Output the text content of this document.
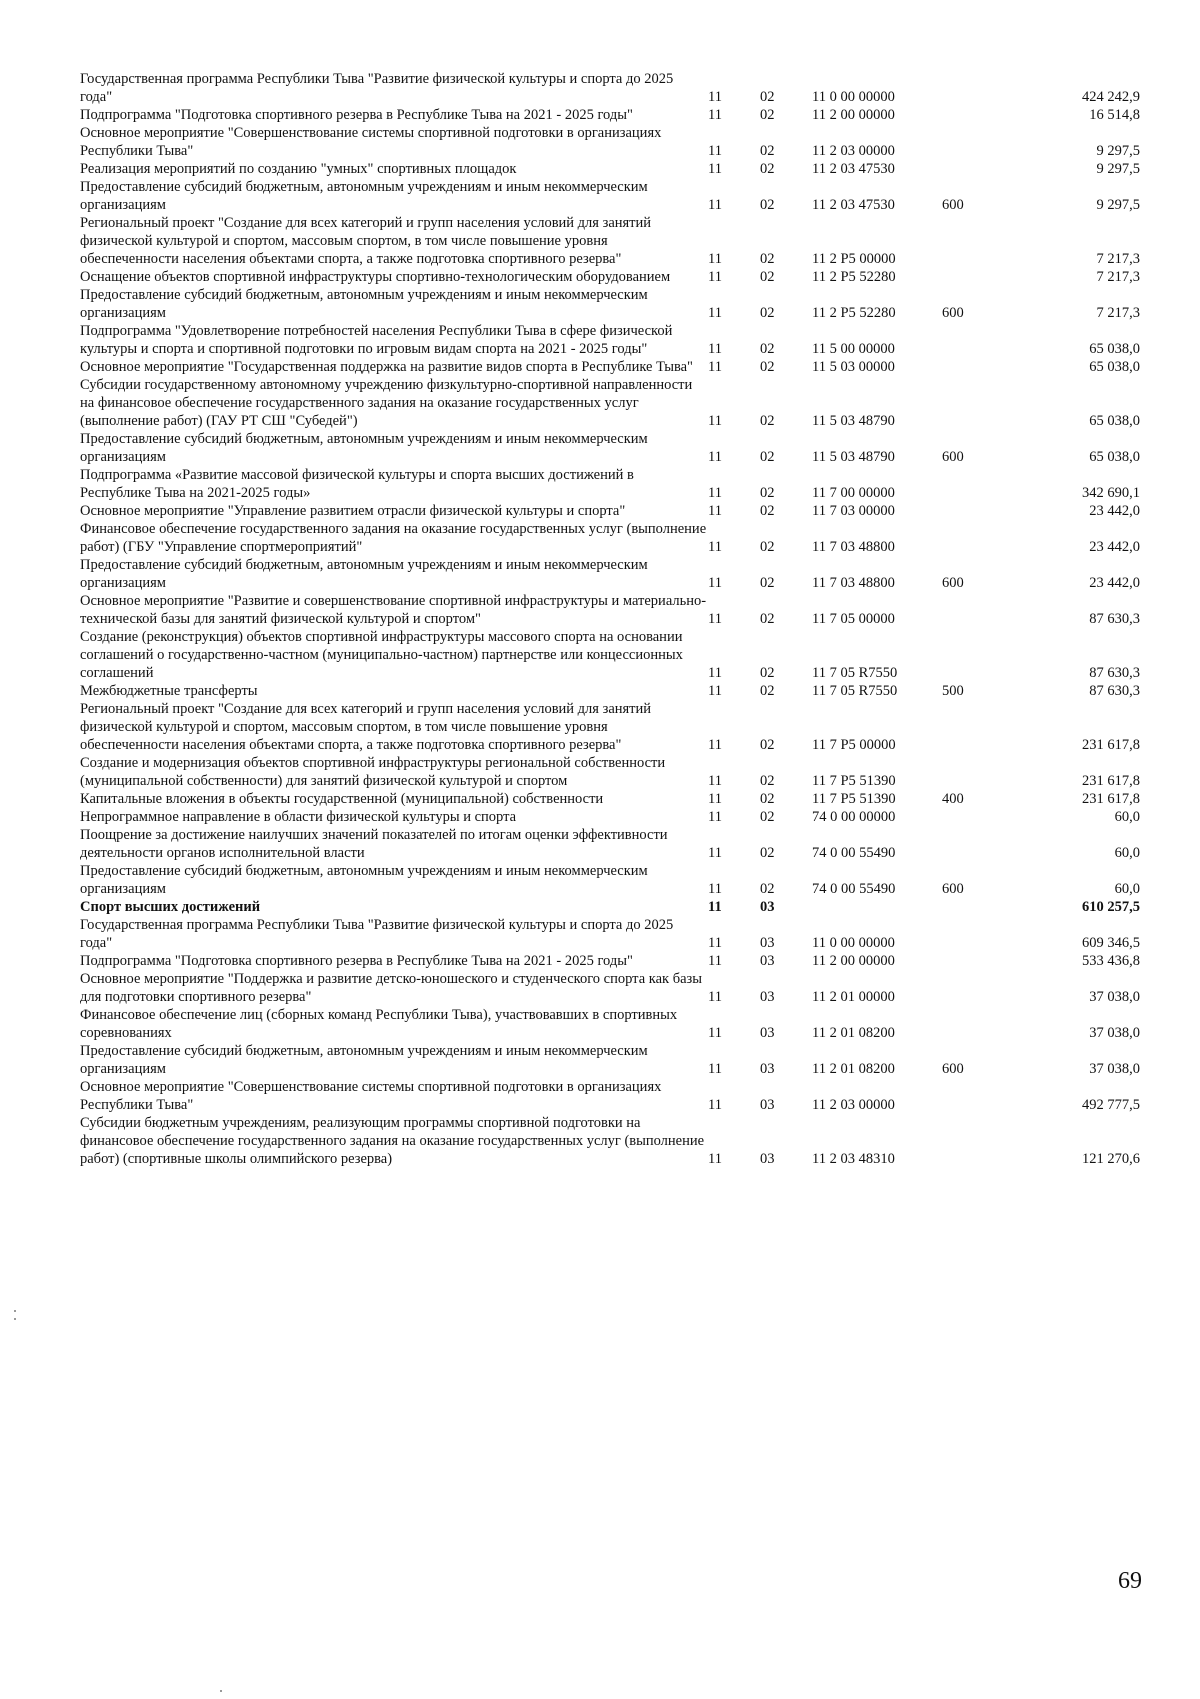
Государственная программа Республики Тыва "Развитие физической культуры и спорта до 2025 года"	11	02	11 0 00 00000		424 242,9
Подпрограмма "Подготовка спортивного резерва в Республике Тыва на 2021 - 2025 годы"	11	02	11 2 00 00000		16 514,8
Основное мероприятие "Совершенствование системы спортивной подготовки в организациях Республики Тыва"	11	02	11 2 03 00000		9 297,5
Реализация мероприятий по созданию "умных" спортивных площадок	11	02	11 2 03 47530		9 297,5
Предоставление субсидий бюджетным, автономным учреждениям и иным некоммерческим организациям	11	02	11 2 03 47530	600	9 297,5
Региональный проект "Создание для всех категорий и групп населения условий для занятий физической культурой и спортом, массовым спортом, в том числе повышение уровня обеспеченности населения объектами спорта, а также подготовка спортивного резерва"	11	02	11 2 P5 00000		7 217,3
Оснащение объектов спортивной инфраструктуры спортивно-технологическим оборудованием	11	02	11 2 P5 52280		7 217,3
Предоставление субсидий бюджетным, автономным учреждениям и иным некоммерческим организациям	11	02	11 2 P5 52280	600	7 217,3
Подпрограмма "Удовлетворение потребностей населения Республики Тыва в сфере физической культуры и спорта и спортивной подготовки по игровым видам спорта на 2021 - 2025 годы"	11	02	11 5 00 00000		65 038,0
Основное мероприятие "Государственная поддержка на развитие видов спорта в Республике Тыва"	11	02	11 5 03 00000		65 038,0
Субсидии государственному автономному учреждению физкультурно-спортивной направленности на финансовое обеспечение государственного задания на оказание государственных услуг (выполнение работ) (ГАУ РТ СШ "Субедей")	11	02	11 5 03 48790		65 038,0
Предоставление субсидий бюджетным, автономным учреждениям и иным некоммерческим организациям	11	02	11 5 03 48790	600	65 038,0
Подпрограмма «Развитие массовой физической культуры и спорта высших достижений в Республике Тыва на 2021-2025 годы»	11	02	11 7 00 00000		342 690,1
Основное мероприятие "Управление развитием отрасли физической культуры и спорта"	11	02	11 7 03 00000		23 442,0
Финансовое обеспечение государственного задания на оказание государственных услуг (выполнение работ) (ГБУ "Управление спортмероприятий"	11	02	11 7 03 48800		23 442,0
Предоставление субсидий бюджетным, автономным учреждениям и иным некоммерческим организациям	11	02	11 7 03 48800	600	23 442,0
Основное мероприятие "Развитие и совершенствование спортивной инфраструктуры и материально-технической базы для занятий физической культурой и спортом"	11	02	11 7 05 00000		87 630,3
Создание (реконструкция) объектов спортивной инфраструктуры массового спорта на основании соглашений о государственно-частном (муниципально-частном) партнерстве или концессионных соглашений	11	02	11 7 05 R7550		87 630,3
Межбюджетные трансферты	11	02	11 7 05 R7550	500	87 630,3
Региональный проект "Создание для всех категорий и групп населения условий для занятий физической культурой и спортом, массовым спортом, в том числе повышение уровня обеспеченности населения объектами спорта, а также подготовка спортивного резерва"	11	02	11 7 P5 00000		231 617,8
Создание и модернизация объектов спортивной инфраструктуры региональной собственности (муниципальной собственности) для занятий физической культурой и спортом	11	02	11 7 P5 51390		231 617,8
Капитальные вложения в объекты государственной (муниципальной) собственности	11	02	11 7 P5 51390	400	231 617,8
Непрограммное направление в области физической культуры и спорта	11	02	74 0 00 00000		60,0
Поощрение за достижение наилучших значений показателей по итогам оценки эффективности деятельности органов исполнительной власти	11	02	74 0 00 55490		60,0
Предоставление субсидий бюджетным, автономным учреждениям и иным некоммерческим организациям	11	02	74 0 00 55490	600	60,0
Спорт высших достижений	11	03			610 257,5
Государственная программа Республики Тыва "Развитие физической культуры и спорта до 2025 года"	11	03	11 0 00 00000		609 346,5
Подпрограмма "Подготовка спортивного резерва в Республике Тыва на 2021 - 2025 годы"	11	03	11 2 00 00000		533 436,8
Основное мероприятие "Поддержка и развитие детско-юношеского и студенческого спорта как базы для подготовки спортивного резерва"	11	03	11 2 01 00000		37 038,0
Финансовое обеспечение лиц (сборных команд Республики Тыва), участвовавших в спортивных соревнованиях	11	03	11 2 01 08200		37 038,0
Предоставление субсидий бюджетным, автономным учреждениям и иным некоммерческим организациям	11	03	11 2 01 08200	600	37 038,0
Основное мероприятие "Совершенствование системы спортивной подготовки в организациях Республики Тыва"	11	03	11 2 03 00000		492 777,5
Субсидии бюджетным учреждениям, реализующим программы спортивной подготовки на финансовое обеспечение государственного задания на оказание государственных услуг (выполнение работ) (спортивные школы олимпийского резерва)	11	03	11 2 03 48310		121 270,6
69
